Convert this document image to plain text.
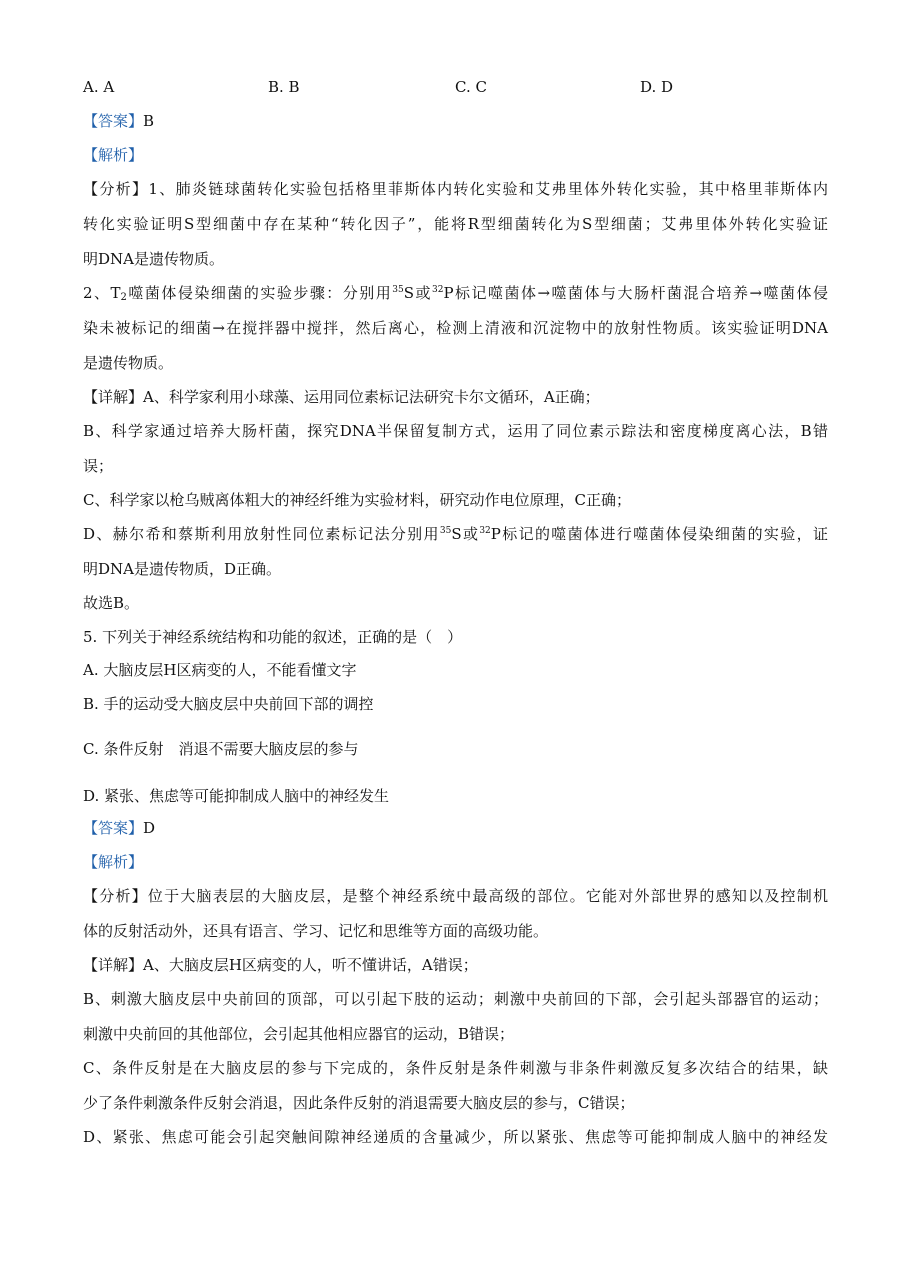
A. A	B. B	C. C	D. D
【答案】B
【解析】
【分析】1、肺炎链球菌转化实验包括格里菲斯体内转化实验和艾弗里体外转化实验，其中格里菲斯体内
转化实验证明S型细菌中存在某种“转化因子”，能将R型细菌转化为S型细菌；艾弗里体外转化实验证
明DNA是遗传物质。
2、$T_2$噬菌体侵染细菌的实验步骤：分别用$^{35}$S或$^{32}$P标记噬菌体→噬菌体与大肠杆菌混合培养→噬菌体侵
染未被标记的细菌→在搅拌器中搅拌，然后离心，检测上清液和沉淀物中的放射性物质。该实验证明DNA
是遗传物质。
【详解】A、科学家利用小球藻、运用同位素标记法研究卡尔文循环，A正确；
B、科学家通过培养大肠杆菌，探究DNA半保留复制方式，运用了同位素示踪法和密度梯度离心法，B错
误；
C、科学家以枪乌贼离体粗大的神经纤维为实验材料，研究动作电位原理，C正确；
D、赫尔希和蔡斯利用放射性同位素标记法分别用$^{35}$S或$^{32}$P标记的噬菌体进行噬菌体侵染细菌的实验，证
明DNA是遗传物质，D正确。
故选B。
5. 下列关于神经系统结构和功能的叙述，正确的是（　）
A. 大脑皮层H区病变的人，不能看懂文字
B. 手的运动受大脑皮层中央前回下部的调控
C. 条件反射　消退不需要大脑皮层的参与
D. 紧张、焦虑等可能抑制成人脑中的神经发生
【答案】D
【解析】
【分析】位于大脑表层的大脑皮层，是整个神经系统中最高级的部位。它能对外部世界的感知以及控制机
体的反射活动外，还具有语言、学习、记忆和思维等方面的高级功能。
【详解】A、大脑皮层H区病变的人，听不懂讲话，A错误；
B、刺激大脑皮层中央前回的顶部，可以引起下肢的运动；刺激中央前回的下部，会引起头部器官的运动；
刺激中央前回的其他部位，会引起其他相应器官的运动，B错误；
C、条件反射是在大脑皮层的参与下完成的，条件反射是条件刺激与非条件刺激反复多次结合的结果，缺
少了条件刺激条件反射会消退，因此条件反射的消退需要大脑皮层的参与，C错误；
D、紧张、焦虑可能会引起突触间隙神经递质的含量减少，所以紧张、焦虑等可能抑制成人脑中的神经发
